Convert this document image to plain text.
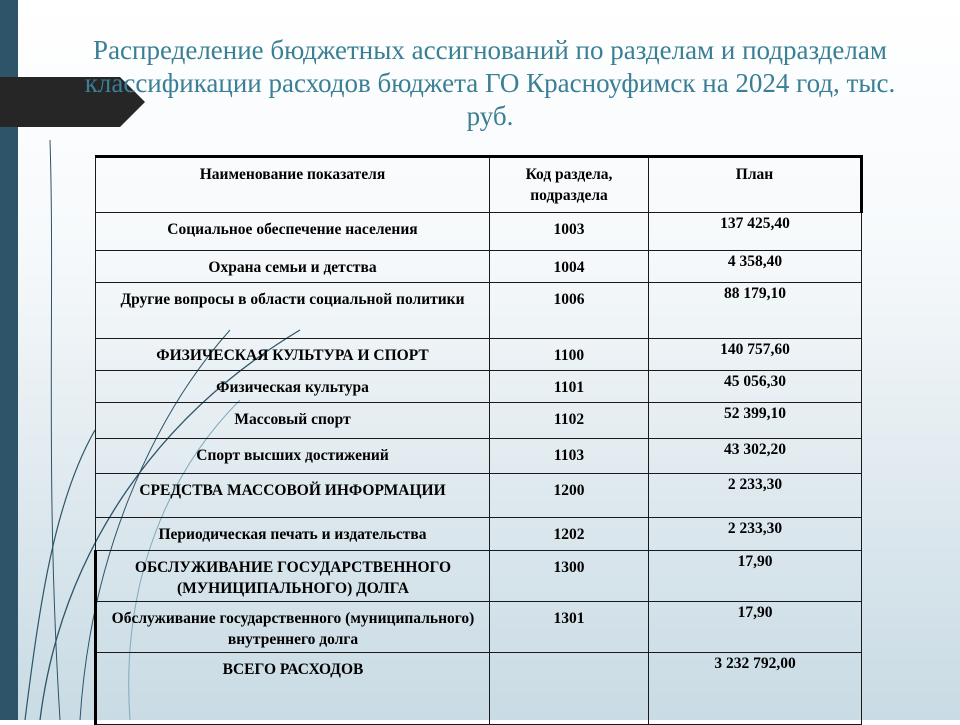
Распределение бюджетных ассигнований по разделам и подразделам классификации расходов бюджета ГО Красноуфимск на 2024 год, тыс. руб.
Наименование показателя	Код раздела, подраздела	План
Социальное обеспечение населения	1003	137 425,40
Охрана семьи и детства	1004	4 358,40
Другие вопросы в области социальной политики	1006	88 179,10
ФИЗИЧЕСКАЯ КУЛЬТУРА И СПОРТ	1100	140 757,60
Физическая культура	1101	45 056,30
Массовый спорт	1102	52 399,10
Спорт высших достижений	1103	43 302,20
СРЕДСТВА МАССОВОЙ ИНФОРМАЦИИ	1200	2 233,30
Периодическая печать и издательства	1202	2 233,30
ОБСЛУЖИВАНИЕ ГОСУДАРСТВЕННОГО (МУНИЦИПАЛЬНОГО) ДОЛГА	1300	17,90
Обслуживание государственного (муниципального) внутреннего долга	1301	17,90
ВСЕГО РАСХОДОВ		3 232 792,00
